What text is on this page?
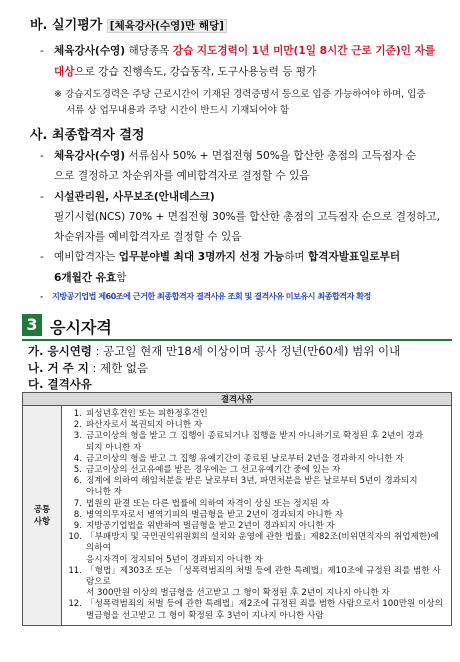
바. 실기평가 [체육강사(수영)만 해당]
- 체육강사(수영) 해당종목 강습 지도경력이 1년 미만(1일 8시간 근로 기준)인 자를
대상으로 강습 진행속도, 강습동작, 도구사용능력 등 평가
※ 강습지도경력은 주당 근로시간이 기재된 경력증명서 등으로 입증 가능하여야 하며, 입증
서류 상 업무내용과 주당 시간이 반드시 기재되어야 함
사. 최종합격자 결정
- 체육강사(수영) 서류심사 50% + 면접전형 50%을 합산한 총점의 고득점자 순
으로 결정하고 차순위자를 예비합격자로 결정할 수 있음
- 시설관리원, 사무보조(안내데스크)
필기시험(NCS) 70% + 면접전형 30%를 합산한 총점의 고득점자 순으로 결정하고,
차순위자를 예비합격자로 결정할 수 있음
- 예비합격자는 업무분야별 최대 3명까지 선정 가능하며 합격자발표일로부터
6개월간 유효함
- 지방공기업법 제60조에 근거한 최종합격자 결격사유 조회 및 결격사유 미보유시 최종합격자 확정
3 응시자격
가. 응시연령 : 공고일 현재 만18세 이상이며 공사 정년(만60세) 범위 이내
나. 거 주 지 : 제한 없음
다. 결격사유
결격사유

공통
사항

1. 피성년후견인 또는 피한정후견인
2. 파산자로서 복권되지 아니한 자
3. 금고이상의 형을 받고 그 집행이 종료되거나 집행을 받지 아니하기로 확정된 후 2년이 경과
되지 아니한 자
4. 금고이상의 형을 받고 그 집행 유예기간이 종료된 날로부터 2년을 경과하지 아니한 자
5. 금고이상의 선고유예를 받은 경우에는 그 선고유예기간 중에 있는 자
6. 징계에 의하여 해임처분을 받은 날로부터 3년, 파면처분을 받은 날로부터 5년이 경과되지
아니한 자
7. 법원의 판결 또는 다른 법률에 의하여 자격이 상실 또는 정지된 자
8. 병역의무자로서 병역기피의 벌금형을 받고 2년이 경과되지 아니한 자
9. 지방공기업법을 위반하여 벌금형을 받고 2년이 경과되지 아니한 자
10. 「부패방지 및 국민권익위원회의 설치와 운영에 관한 법률」제82조(비위면직자의 취업제한)에 의하여
응시자격이 정지되어 5년이 경과되지 아니한 자
11. 「형법」제303조 또는 「성폭력범죄의 처벌 등에 관한 특례법」제10조에 규정된 죄를 범한 사람으로
서 300만원 이상의 벌금형을 선고받고 그 형이 확정된 후 2년이 지나지 아니한 자
12. 「성폭력범죄의 처벌 등에 관한 특례법」제2조에 규정된 죄를 범한 사람으로서 100만원 이상의
벌금형을 선고받고 그 형이 확정된 후 3년이 지나지 아니한 사람
